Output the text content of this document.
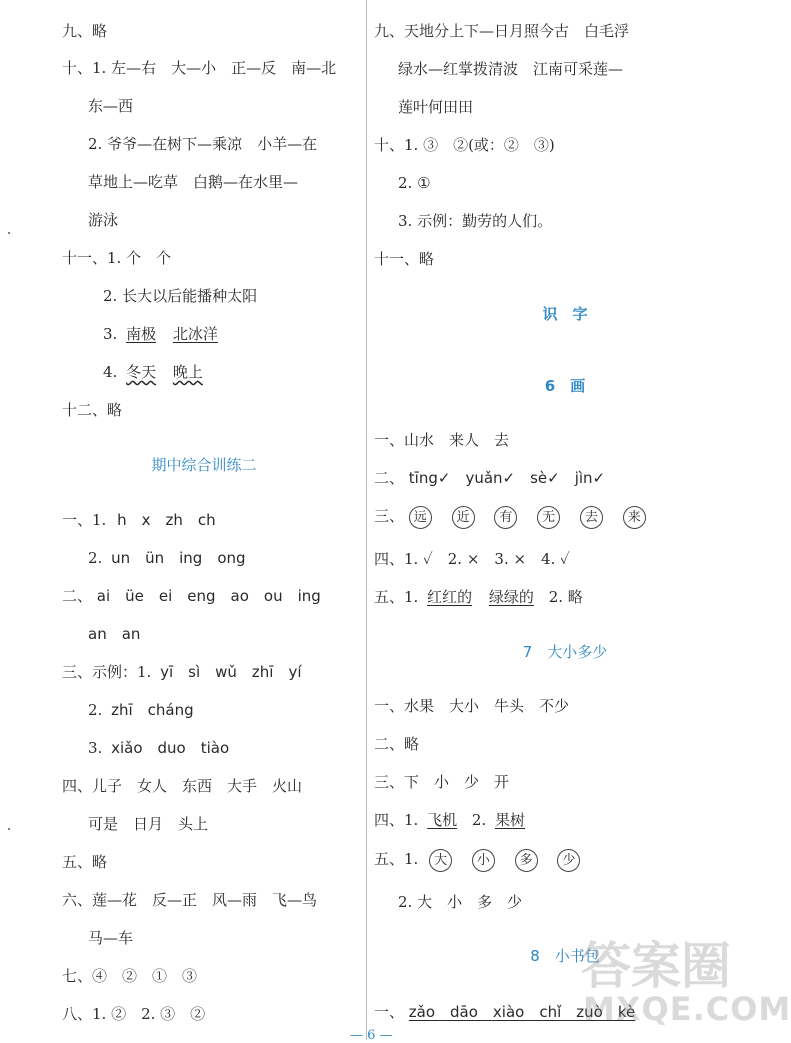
九、略
十、1. 左—右　大—小　正—反　南—北
东—西
2. 爷爷—在树下—乘凉　小羊—在
草地上—吃草　白鹅—在水里—
游泳
十一、1. 个　个
2. 长大以后能播种太阳
3. 南极 北冰洋
4. 冬天 晚上
十二、略
期中综合训练二
一、1. h　x　zh　ch
2. un　ün　ing　ong
二、 ai　üe　ei　eng　ao　ou　ing
an　an
三、示例：1. yī　sì　wǔ　zhī　yí
2. zhī　cháng
3. xiǎo　duo　tiào
四、儿子　女人　东西　大手　火山
可是　日月　头上
五、略
六、莲—花　反—正　风—雨　飞—鸟
马—车
七、④　②　①　③
八、1. ②　2. ③　②
九、天地分上下—日月照今古　白毛浮
绿水—红掌拨清波　江南可采莲—
莲叶何田田
十、1. ③　②(或：②　③)
2. ①
3. 示例：勤劳的人们。
十一、略
识　字
6　画
一、山水　来人　去
二、 tīng✓　yuǎn✓　sè✓　jìn✓
三、 远 近 有 无 去 来
四、1. ✓　2. ×　3. ×　4. ✓
五、1. 红红的 绿绿的 2. 略
7　大小多少
一、水果　大小　牛头　不少
二、略
三、下　小　少　开
四、1. 飞机 2. 果树
五、1. 大 小 多 少
2. 大　小　多　少
8　小书包
一、 zǎo　dāo　xiào　chǐ　zuò　kè
答案圈
MXQE.COM
— 6 —
